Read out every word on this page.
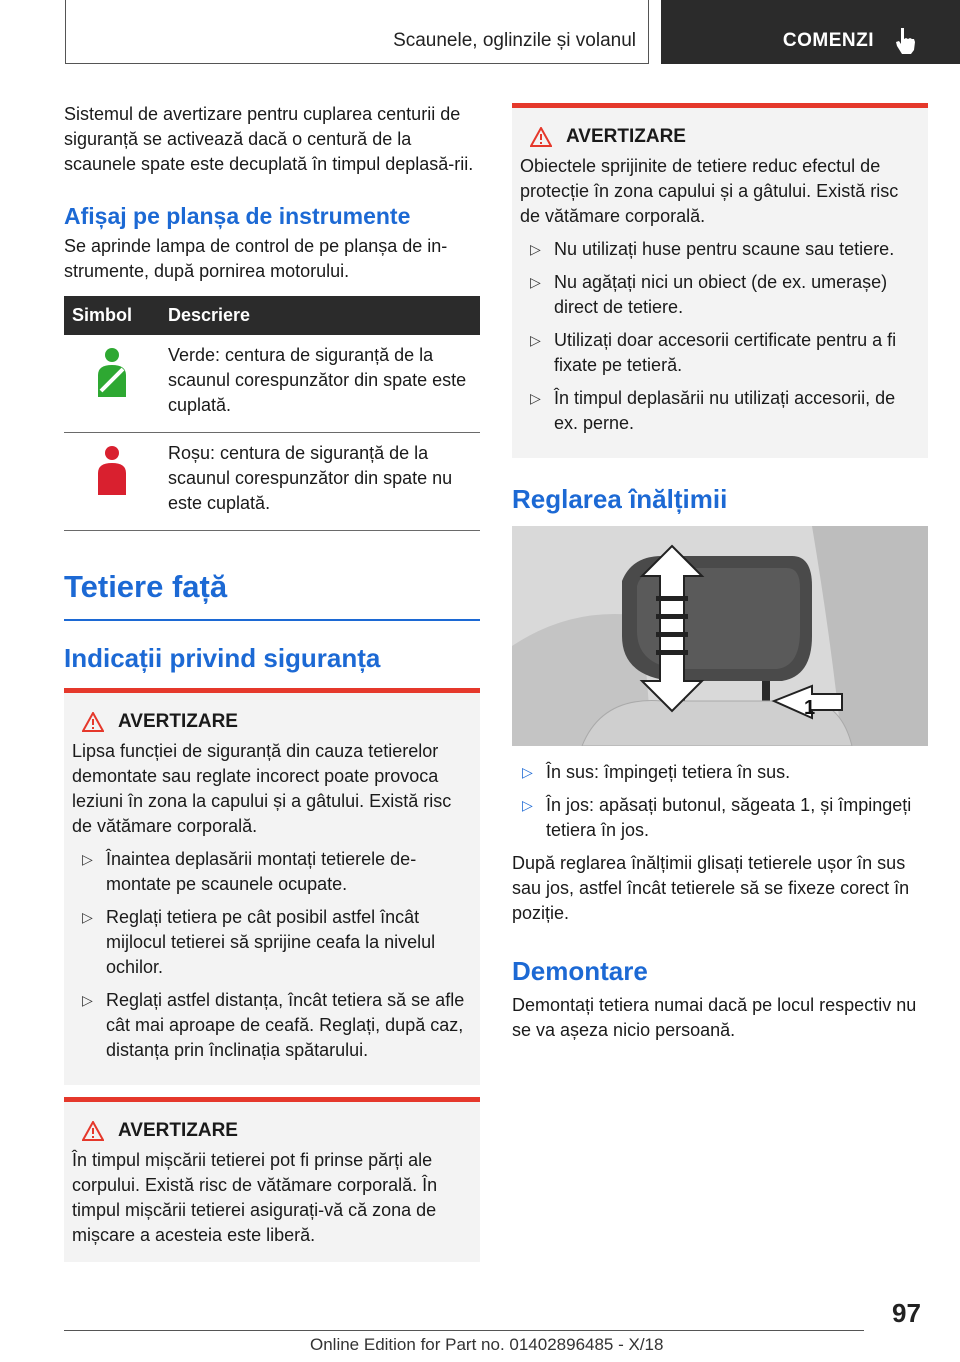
Scaunele, oglinzile și volanul	COMENZI

Sistemul de avertizare pentru cuplarea centurii de siguranță se activează dacă o centură de la scaunele spate este decuplată în timpul deplasă-rii.

Afișaj pe planșa de instrumente

Se aprinde lampa de control de pe planșa de in-strumente, după pornirea motorului.

Simbol	Descriere
	Verde: centura de siguranță de la scaunul corespunzător din spate este cuplată.
	Roșu: centura de siguranță de la scaunul corespunzător din spate nu este cuplată.
Tetiere față
Indicații privind siguranța
AVERTIZARE

Lipsa funcției de siguranță din cauza tetierelor demontate sau reglate incorect poate provoca leziuni în zona la capului și a gâtului. Există risc de vătămare corporală.

▷ Înaintea deplasării montați tetierele de-montate pe scaunele ocupate.
▷ Reglați tetiera pe cât posibil astfel încât mijlocul tetierei să sprijine ceafa la nivelul ochilor.
▷ Reglați astfel distanța, încât tetiera să se afle cât mai aproape de ceafă. Reglați, după caz, distanța prin înclinația spătarului.
AVERTIZARE

În timpul mișcării tetierei pot fi prinse părți ale corpului. Există risc de vătămare corporală. În timpul mișcării tetierei asigurați-vă că zona de mișcare a acesteia este liberă.

AVERTIZARE

Obiectele sprijinite de tetiere reduc efectul de protecție în zona capului și a gâtului. Există risc de vătămare corporală.

▷ Nu utilizați huse pentru scaune sau tetiere.
▷ Nu agățați nici un obiect (de ex. umerașe) direct de tetiere.
▷ Utilizați doar accesorii certificate pentru a fi fixate pe tetieră.
▷ În timpul deplasării nu utilizați accesorii, de ex. perne.
Reglarea înălțimii
1
▷ În sus: împingeți tetiera în sus.
▷ În jos: apăsați butonul, săgeata 1, și împingeți tetiera în jos.

După reglarea înălțimii glisați tetierele ușor în sus sau jos, astfel încât tetierele să se fixeze corect în poziție.

Demontare

Demontați tetiera numai dacă pe locul respectiv nu se va așeza nicio persoană.

97
Online Edition for Part no. 01402896485 - X/18
